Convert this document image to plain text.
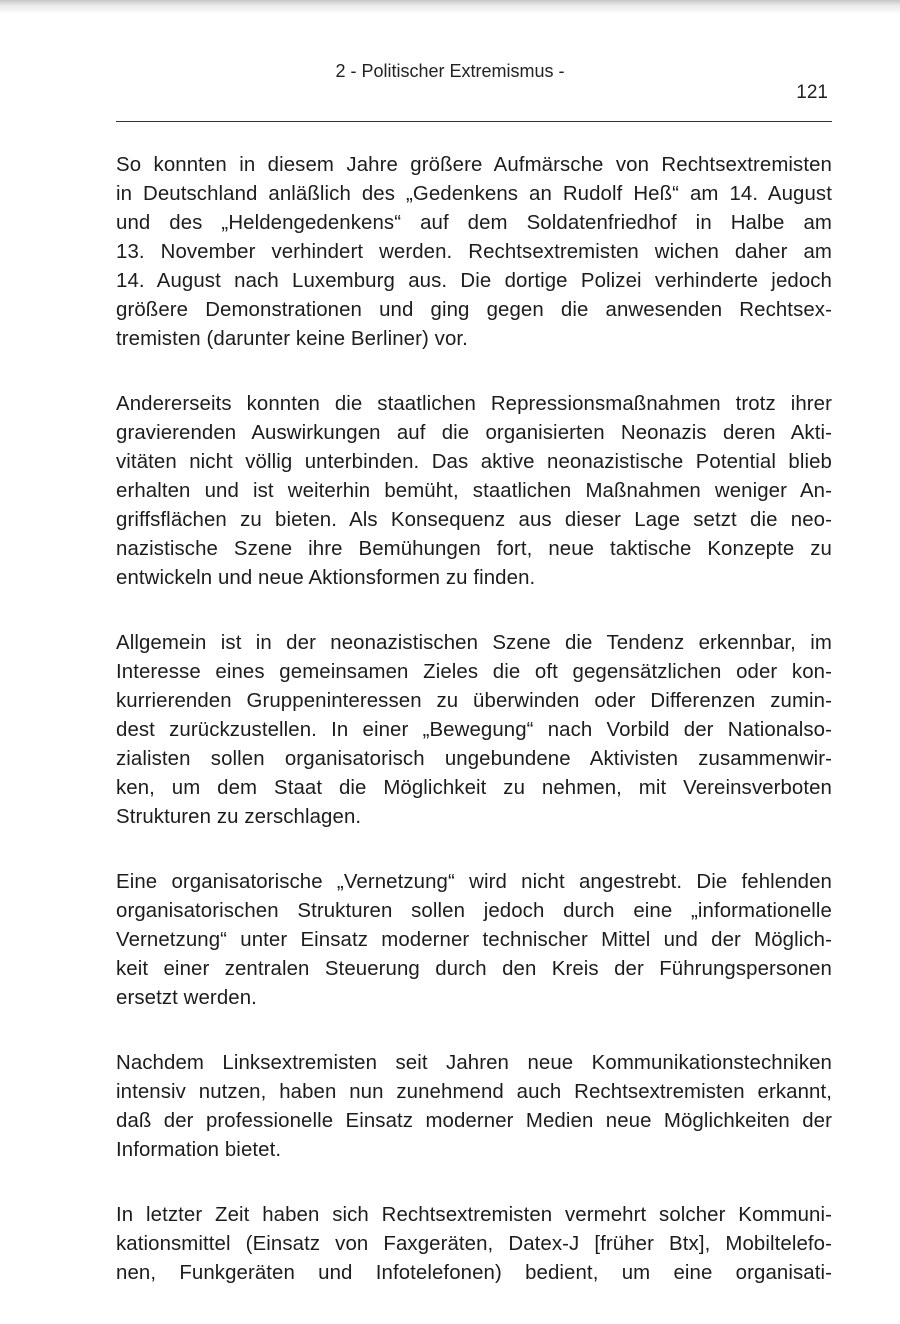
2 - Politischer Extremismus -
121

So konnten in diesem Jahre größere Aufmärsche von Rechtsextremisten
in Deutschland anläßlich des „Gedenkens an Rudolf Heß“ am 14. August
und des „Heldengedenkens“ auf dem Soldatenfriedhof in Halbe am
13. November verhindert werden. Rechtsextremisten wichen daher am
14. August nach Luxemburg aus. Die dortige Polizei verhinderte jedoch
größere Demonstrationen und ging gegen die anwesenden Rechtsex-
tremisten (darunter keine Berliner) vor.

Andererseits konnten die staatlichen Repressionsmaßnahmen trotz ihrer
gravierenden Auswirkungen auf die organisierten Neonazis deren Akti-
vitäten nicht völlig unterbinden. Das aktive neonazistische Potential blieb
erhalten und ist weiterhin bemüht, staatlichen Maßnahmen weniger An-
griffsflächen zu bieten. Als Konsequenz aus dieser Lage setzt die neo-
nazistische Szene ihre Bemühungen fort, neue taktische Konzepte zu
entwickeln und neue Aktionsformen zu finden.

Allgemein ist in der neonazistischen Szene die Tendenz erkennbar, im
Interesse eines gemeinsamen Zieles die oft gegensätzlichen oder kon-
kurrierenden Gruppeninteressen zu überwinden oder Differenzen zumin-
dest zurückzustellen. In einer „Bewegung“ nach Vorbild der Nationalso-
zialisten sollen organisatorisch ungebundene Aktivisten zusammenwir-
ken, um dem Staat die Möglichkeit zu nehmen, mit Vereinsverboten
Strukturen zu zerschlagen.

Eine organisatorische „Vernetzung“ wird nicht angestrebt. Die fehlenden
organisatorischen Strukturen sollen jedoch durch eine „informationelle
Vernetzung“ unter Einsatz moderner technischer Mittel und der Möglich-
keit einer zentralen Steuerung durch den Kreis der Führungspersonen
ersetzt werden.

Nachdem Linksextremisten seit Jahren neue Kommunikationstechniken
intensiv nutzen, haben nun zunehmend auch Rechtsextremisten erkannt,
daß der professionelle Einsatz moderner Medien neue Möglichkeiten der
Information bietet.

In letzter Zeit haben sich Rechtsextremisten vermehrt solcher Kommuni-
kationsmittel (Einsatz von Faxgeräten, Datex-J [früher Btx], Mobiltelefo-
nen, Funkgeräten und Infotelefonen) bedient, um eine organisati-
